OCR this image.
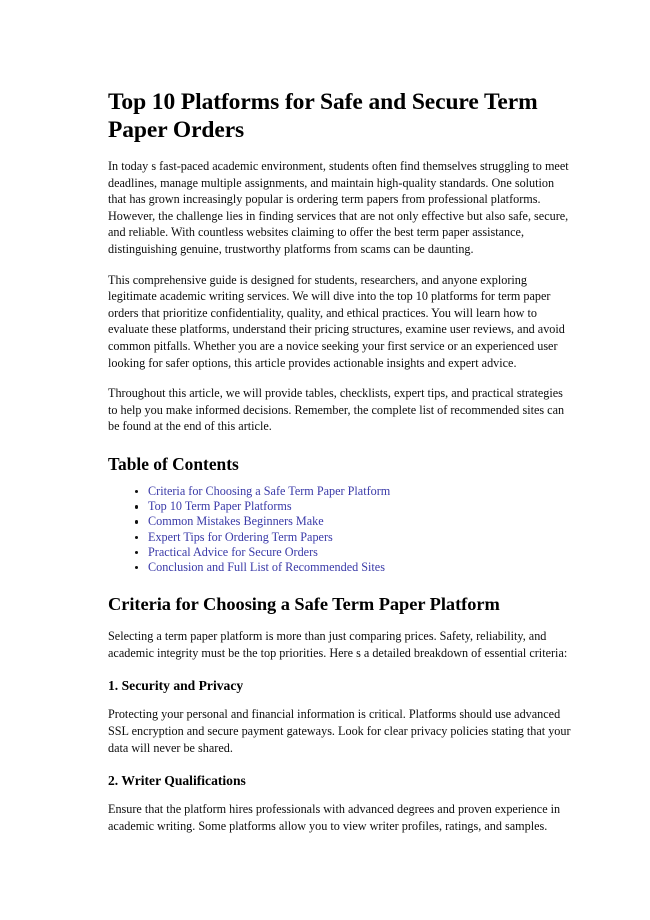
Top 10 Platforms for Safe and Secure Term Paper Orders

In today s fast-paced academic environment, students often find themselves struggling to meet deadlines, manage multiple assignments, and maintain high-quality standards. One solution that has grown increasingly popular is ordering term papers from professional platforms. However, the challenge lies in finding services that are not only effective but also safe, secure, and reliable. With countless websites claiming to offer the best term paper assistance, distinguishing genuine, trustworthy platforms from scams can be daunting.

This comprehensive guide is designed for students, researchers, and anyone exploring legitimate academic writing services. We will dive into the top 10 platforms for term paper orders that prioritize confidentiality, quality, and ethical practices. You will learn how to evaluate these platforms, understand their pricing structures, examine user reviews, and avoid common pitfalls. Whether you are a novice seeking your first service or an experienced user looking for safer options, this article provides actionable insights and expert advice.

Throughout this article, we will provide tables, checklists, expert tips, and practical strategies to help you make informed decisions. Remember, the complete list of recommended sites can be found at the end of this article.

Table of Contents
Criteria for Choosing a Safe Term Paper Platform
Top 10 Term Paper Platforms
Common Mistakes Beginners Make
Expert Tips for Ordering Term Papers
Practical Advice for Secure Orders
Conclusion and Full List of Recommended Sites
Criteria for Choosing a Safe Term Paper Platform

Selecting a term paper platform is more than just comparing prices. Safety, reliability, and academic integrity must be the top priorities. Here s a detailed breakdown of essential criteria:

1. Security and Privacy

Protecting your personal and financial information is critical. Platforms should use advanced SSL encryption and secure payment gateways. Look for clear privacy policies stating that your data will never be shared.

2. Writer Qualifications

Ensure that the platform hires professionals with advanced degrees and proven experience in academic writing. Some platforms allow you to view writer profiles, ratings, and samples.
